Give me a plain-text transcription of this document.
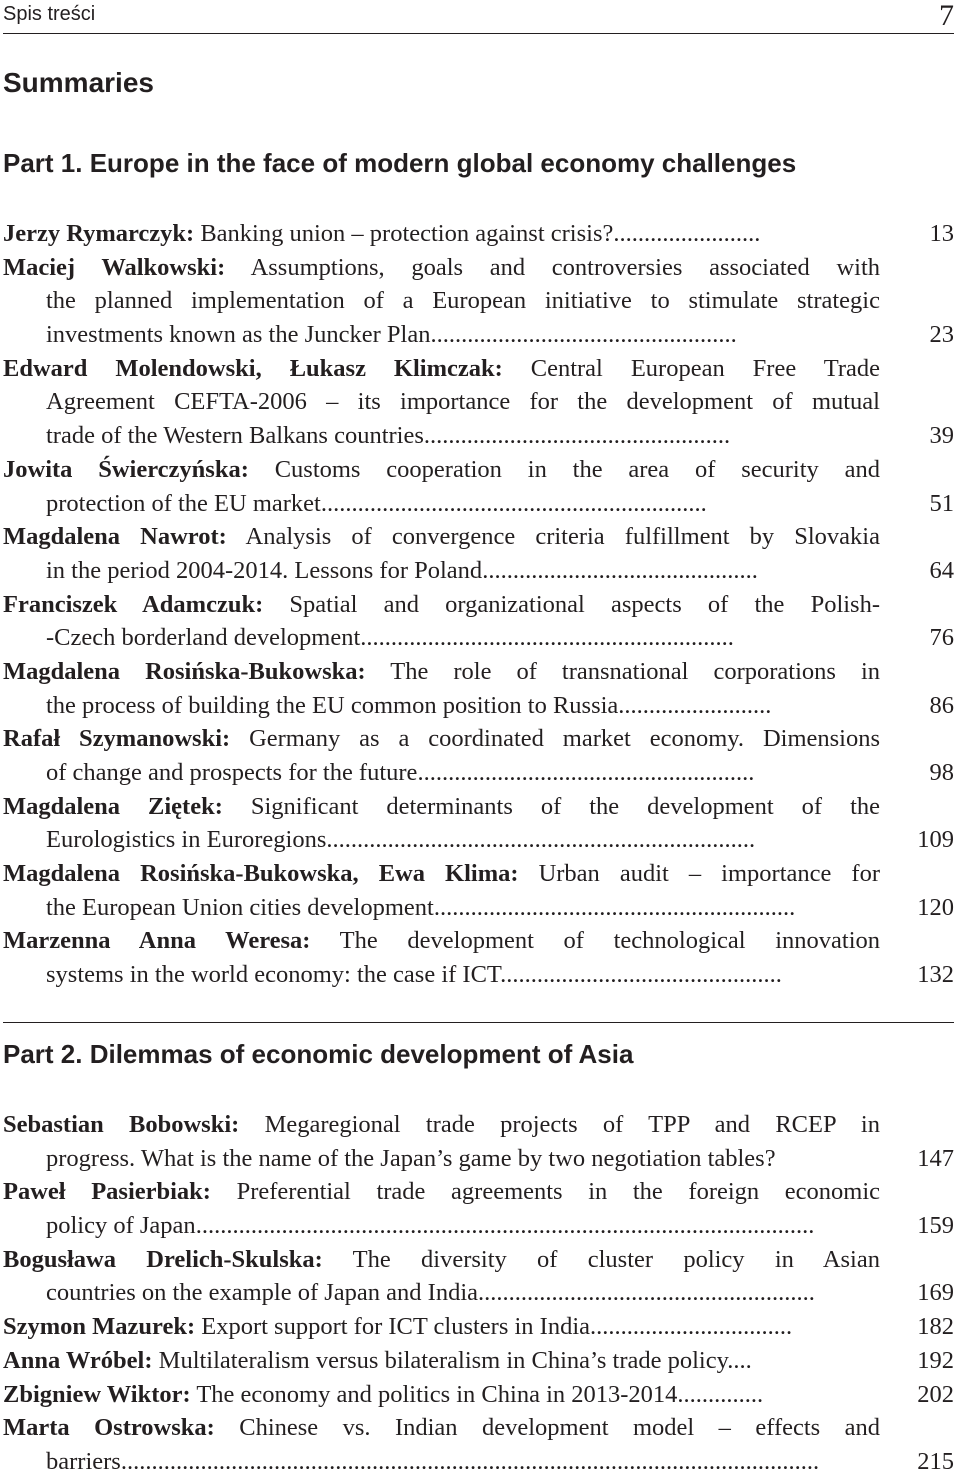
Spis treści	7
Summaries
Part 1. Europe in the face of modern global economy challenges
Jerzy Rymarczyk: Banking union – protection against crisis?........................	13
Maciej Walkowski: Assumptions, goals and controversies associated with
the planned implementation of a European initiative to stimulate strategic
investments known as the Juncker Plan..................................................	23
Edward Molendowski, Łukasz Klimczak: Central European Free Trade
Agreement CEFTA-2006 – its importance for the development of mutual
trade of the Western Balkans countries..................................................	39
Jowita Świerczyńska: Customs cooperation in the area of security and
protection of the EU market...............................................................	51
Magdalena Nawrot: Analysis of convergence criteria fulfillment by Slovakia
in the period 2004-2014. Lessons for Poland.............................................	64
Franciszek Adamczuk: Spatial and organizational aspects of the Polish-
-Czech borderland development.............................................................	76
Magdalena Rosińska-Bukowska: The role of transnational corporations in
the process of building the EU common position to Russia.........................	86
Rafał Szymanowski: Germany as a coordinated market economy. Dimensions
of change and prospects for the future.......................................................	98
Magdalena Ziętek: Significant determinants of the development of the
Eurologistics in Euroregions......................................................................	109
Magdalena Rosińska-Bukowska, Ewa Klima: Urban audit – importance for
the European Union cities development...........................................................	120
Marzenna Anna Weresa: The development of technological innovation
systems in the world economy: the case if ICT..............................................	132
Part 2. Dilemmas of economic development of Asia
Sebastian Bobowski: Megaregional trade projects of TPP and RCEP in
progress. What is the name of the Japan’s game by two negotiation tables?	147
Paweł Pasierbiak: Preferential trade agreements in the foreign economic
policy of Japan.....................................................................................................	159
Bogusława Drelich-Skulska: The diversity of cluster policy in Asian
countries on the example of Japan and India.......................................................	169
Szymon Mazurek: Export support for ICT clusters in India.................................	182
Anna Wróbel: Multilateralism versus bilateralism in China’s trade policy....	192
Zbigniew Wiktor: The economy and politics in China in 2013-2014..............	202
Marta Ostrowska: Chinese vs. Indian development model – effects and
barriers..................................................................................................................	215
